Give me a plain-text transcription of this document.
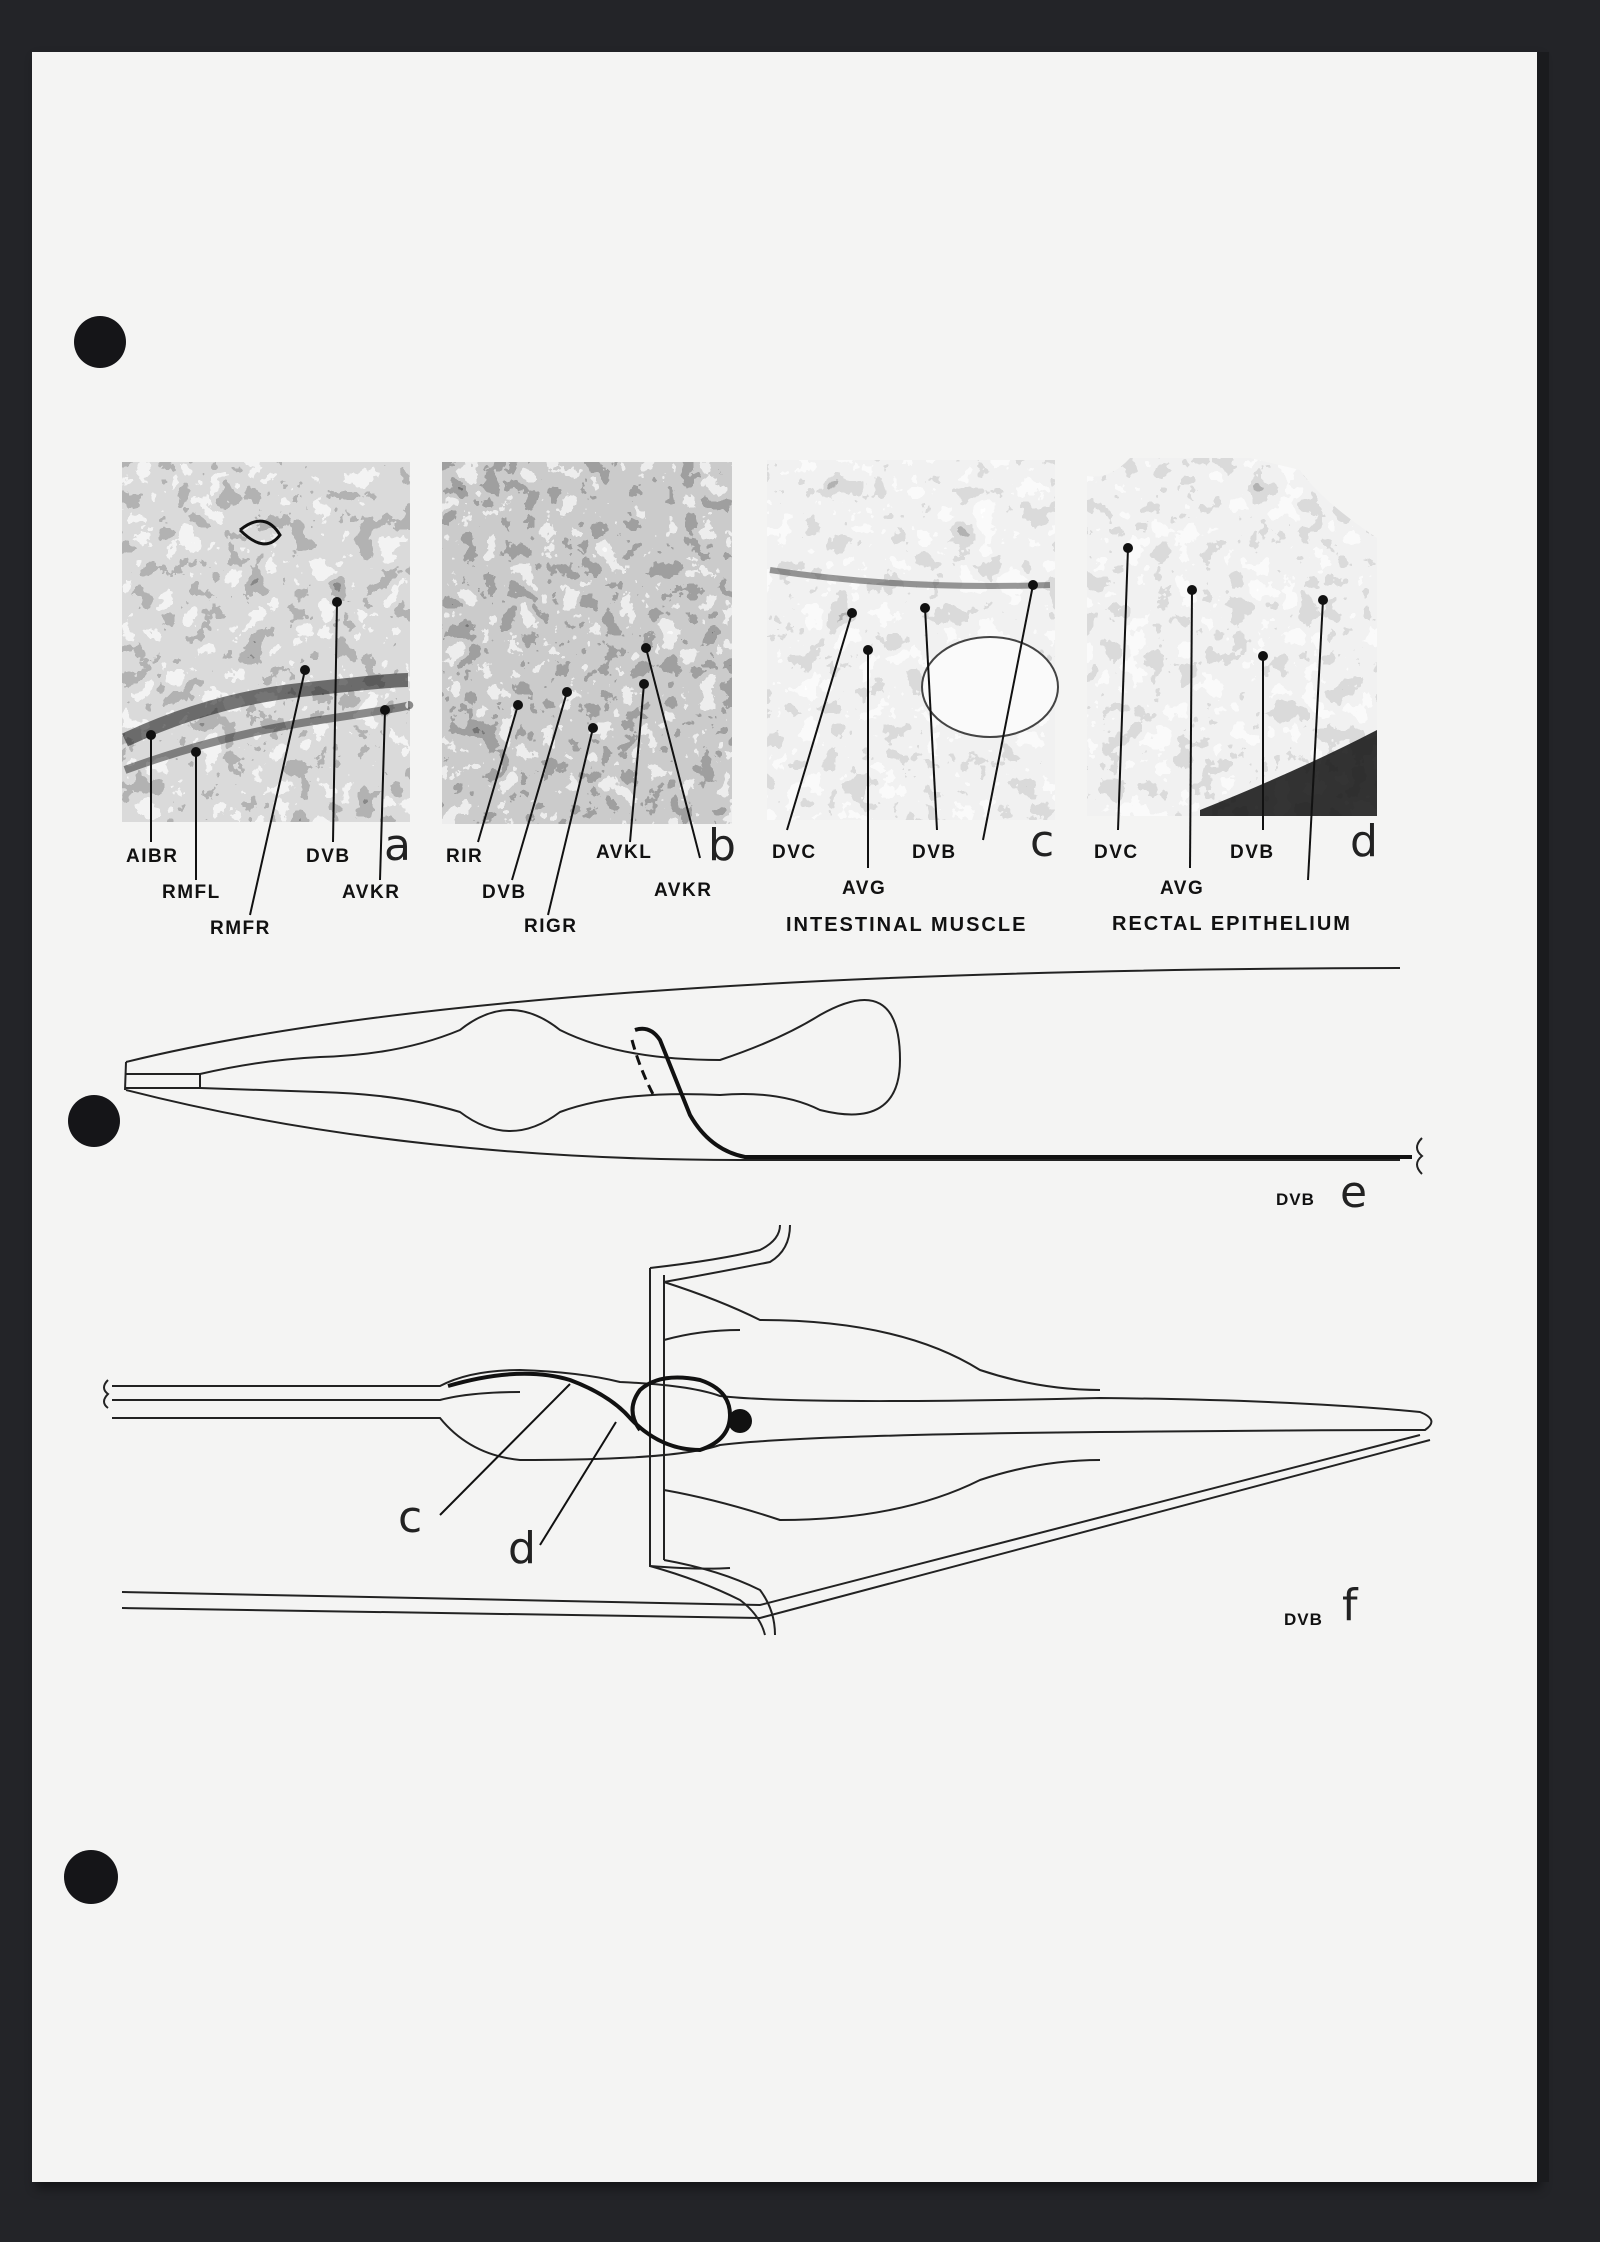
AIBR
RMFL
RMFR
DVB
AVKR
a RIR
DVB
RIGR
AVKL
AVKR
b DVC
AVG
DVB c
INTESTINAL MUSCLE
DVC
AVG
DVB d
RECTAL EPITHELIUM
DVB e
c
d
DVB f
